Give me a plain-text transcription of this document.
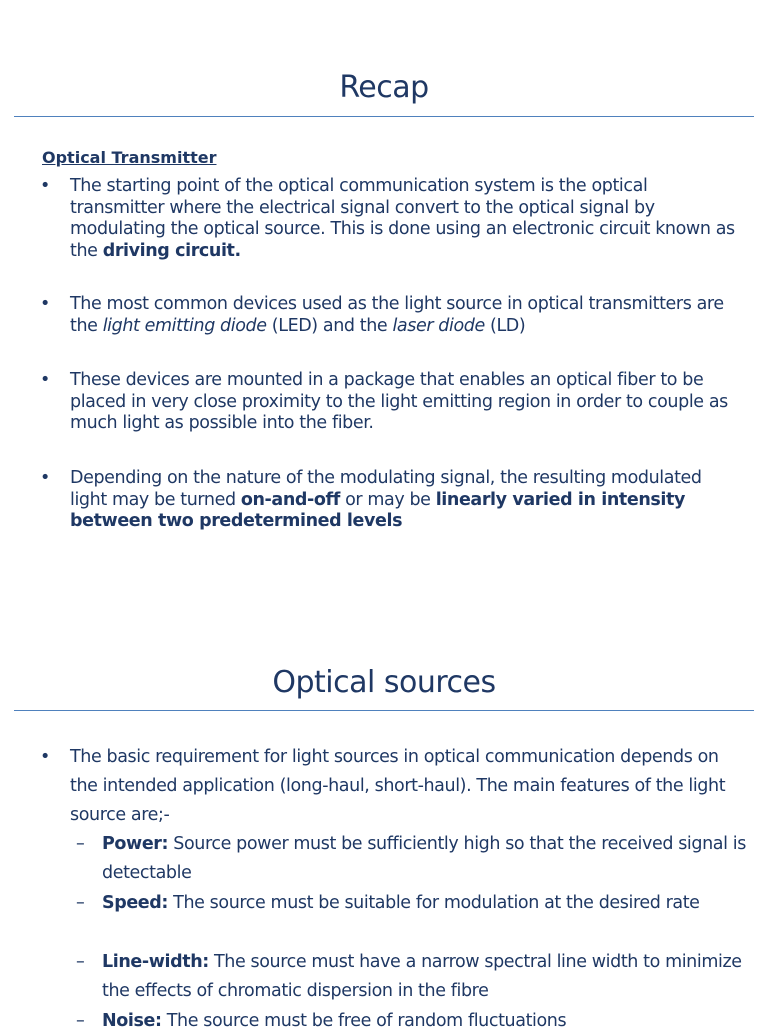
Recap
Optical Transmitter
•	The starting point of the optical communication system is the optical transmitter where the electrical signal convert to the optical signal by modulating the optical source. This is done using an electronic circuit known as the driving circuit.
•	The most common devices used as the light source in optical transmitters are the light emitting diode (LED) and the laser diode (LD)
•	These devices are mounted in a package that enables an optical fiber to be placed in very close proximity to the light emitting region in order to couple as much light as possible into the fiber.
•	Depending on the nature of the modulating signal, the resulting modulated light may be turned on-and-off or may be linearly varied in intensity between two predetermined levels
Optical sources
• The basic requirement for light sources in optical communication depends on the intended application (long-haul, short-haul). The main features of the light source are;-
– Power: Source power must be sufficiently high so that the received signal is detectable
– Speed: The source must be suitable for modulation at the desired rate
– Line-width: The source must have a narrow spectral line width to minimize the effects of chromatic dispersion in the fibre
– Noise: The source must be free of random fluctuations
